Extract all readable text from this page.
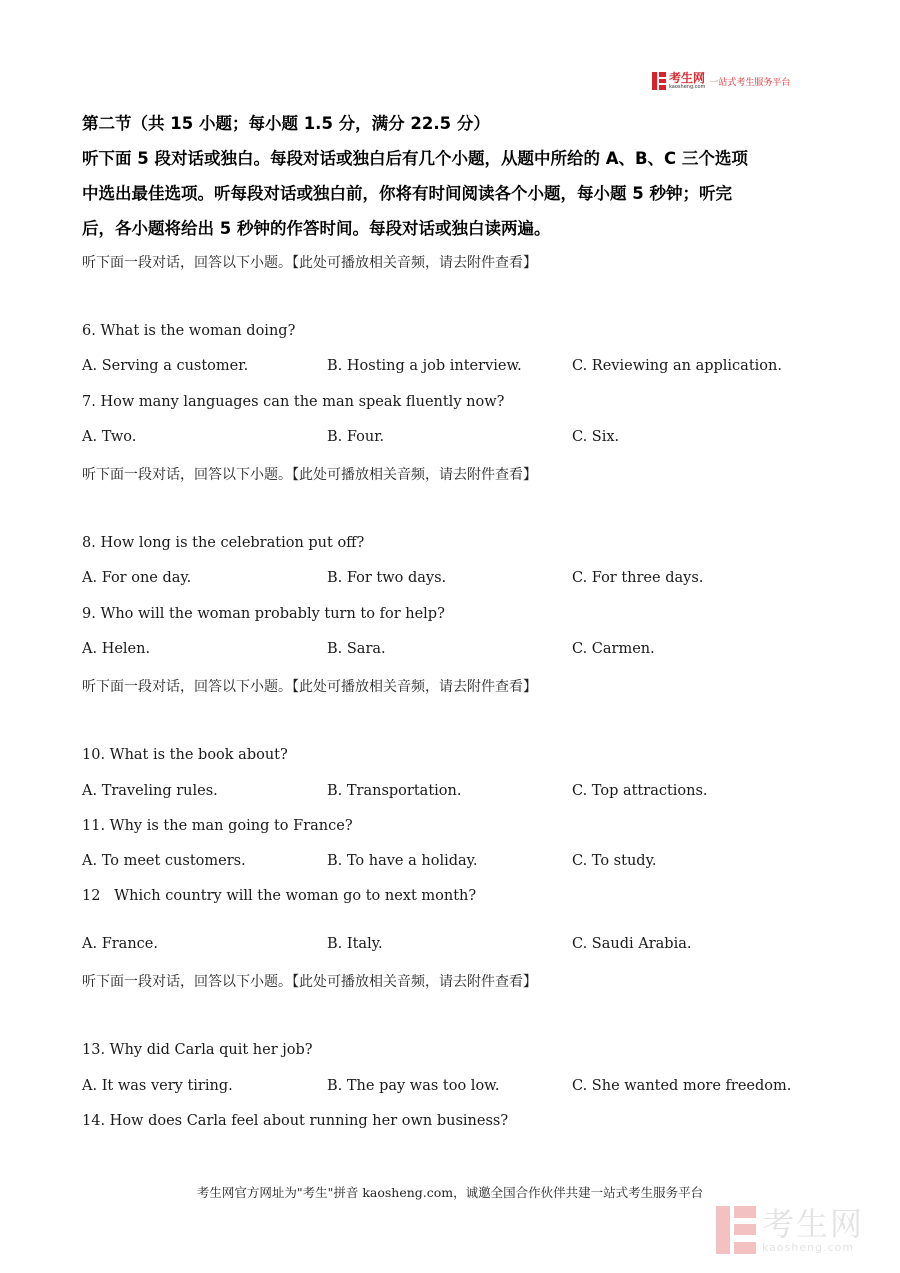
考生网
kaosheng.com 一站式考生服务平台
第二节（共 15 小题；每小题 1.5 分，满分 22.5 分）
听下面 5 段对话或独白。每段对话或独白后有几个小题，从题中所给的 A、B、C 三个选项
中选出最佳选项。听每段对话或独白前，你将有时间阅读各个小题，每小题 5 秒钟；听完
后，各小题将给出 5 秒钟的作答时间。每段对话或独白读两遍。
听下面一段对话，回答以下小题。【此处可播放相关音频，请去附件查看】
6. What is the woman doing?
A. Serving a customer.	B. Hosting a job interview.	C. Reviewing an application.
7. How many languages can the man speak fluently now?
A. Two.	B. Four.	C. Six.
听下面一段对话，回答以下小题。【此处可播放相关音频，请去附件查看】
8. How long is the celebration put off?
A. For one day.	B. For two days.	C. For three days.
9. Who will the woman probably turn to for help?
A. Helen.	B. Sara.	C. Carmen.
听下面一段对话，回答以下小题。【此处可播放相关音频，请去附件查看】
10. What is the book about?
A. Traveling rules.	B. Transportation.	C. Top attractions.
11. Why is the man going to France?
A. To meet customers.	B. To have a holiday.	C. To study.
12   Which country will the woman go to next month?
A. France.	B. Italy.	C. Saudi Arabia.
听下面一段对话，回答以下小题。【此处可播放相关音频，请去附件查看】
13. Why did Carla quit her job?
A. It was very tiring.	B. The pay was too low.	C. She wanted more freedom.
14. How does Carla feel about running her own business?
考生网官方网址为"考生"拼音 kaosheng.com，诚邀全国合作伙伴共建一站式考生服务平台
考生网
kaosheng.com
